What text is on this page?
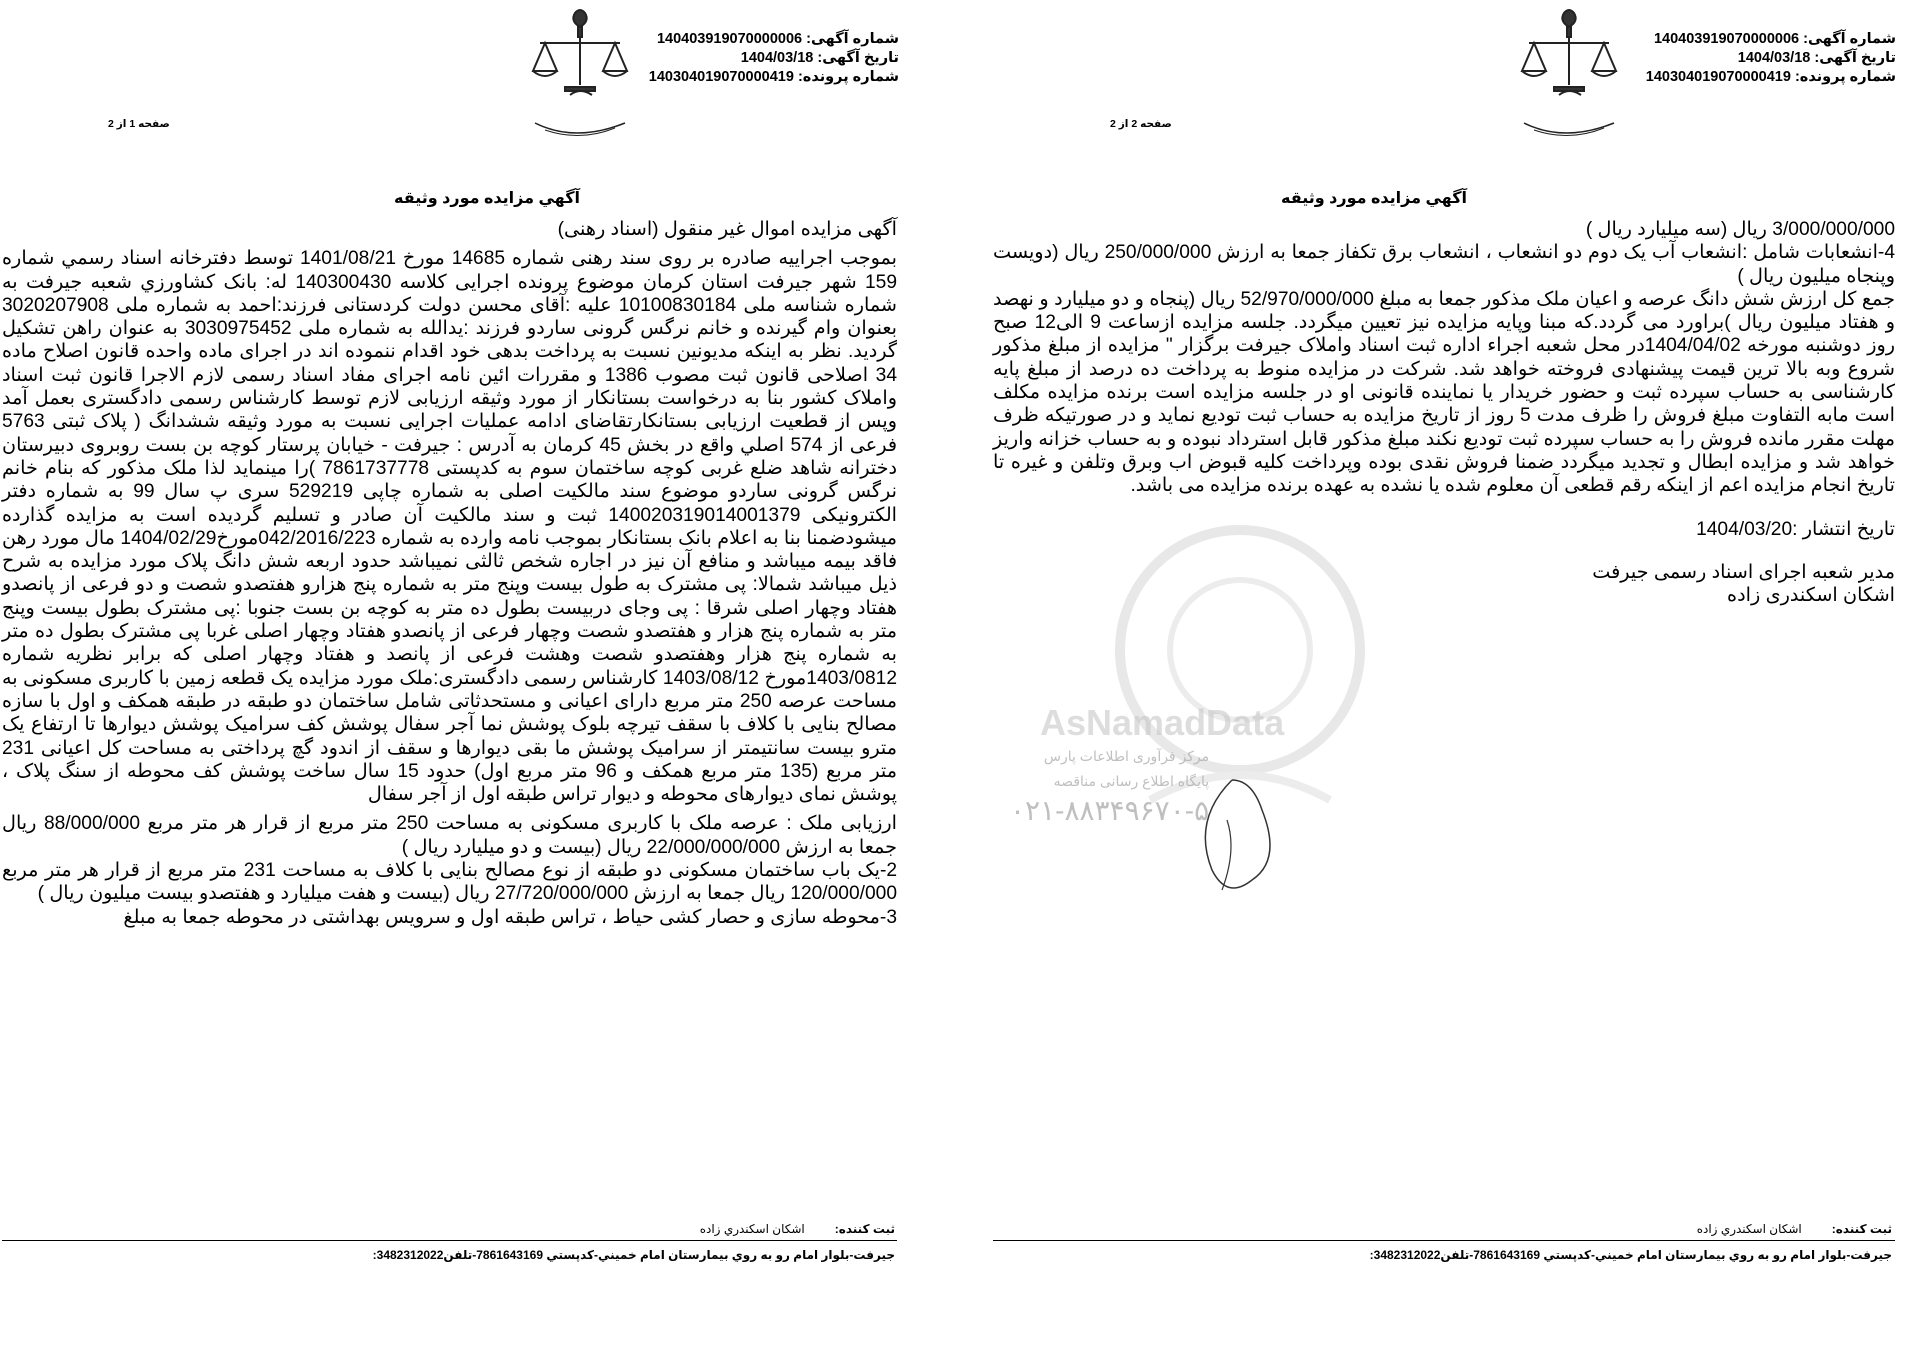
AsNamadData
مرکز فرآوری اطلاعات پارس
پایگاه اطلاع رسانی مناقصه
۰۲۱-۸۸۳۴۹۶۷۰-۵
شماره آگهی: 140403919070000006
تاریخ آگهی: 1404/03/18
شماره پرونده: 140304019070000419
صفحه 1 از 2
آگهي مزايده مورد وثيقه

آگهی مزایده اموال غیر منقول (اسناد رهنی)

بموجب اجراییه صادره بر روی سند رهنی شماره 14685 مورخ 1401/08/21 توسط دفترخانه اسناد رسمي شماره 159 شهر جيرفت استان كرمان موضوع پرونده اجرایی کلاسه 140300430 له: بانک کشاورزي شعبه جيرفت به شماره شناسه ملی 10100830184 علیه :آقای محسن دولت کردستانی فرزند:احمد به شماره ملی 3020207908 بعنوان وام گیرنده و خانم نرگس گرونی ساردو فرزند :يدالله به شماره ملی 3030975452 به عنوان راهن تشکیل گردید. نظر به اینکه مدیونین نسبت به پرداخت بدهی خود اقدام ننموده اند در اجرای ماده واحده قانون اصلاح ماده 34 اصلاحی قانون ثبت مصوب 1386 و مقررات ائین نامه اجرای مفاد اسناد رسمی لازم الاجرا قانون ثبت اسناد واملاک کشور بنا به درخواست بستانکار از مورد وثیقه ارزیابی لازم توسط کارشناس رسمی دادگستری بعمل آمد وپس از قطعیت ارزیابی بستانکارتقاضای ادامه عملیات اجرایی نسبت به مورد وثیقه ششدانگ ( پلاک ثبتی 5763 فرعی از 574 اصلي واقع در بخش 45 کرمان به آدرس : جیرفت - خیابان پرستار کوچه بن بست روبروی دبیرستان دخترانه شاهد ضلع غربی کوچه ساختمان سوم به کدپستی 7861737778 )را مینماید لذا ملک مذکور که بنام خانم نرگس گرونی ساردو موضوع سند مالکیت اصلی به شماره چاپی 529219 سری پ سال 99 به شماره دفتر الکترونیکی 140020319014001379 ثبت و سند مالکیت آن صادر و تسلیم گردیده است به مزایده گذارده میشودضمنا بنا به اعلام بانک بستانکار بموجب نامه وارده به شماره 042/2016/223مورخ1404/02/29 مال مورد رهن فاقد بیمه میباشد و منافع آن نیز در اجاره شخص ثالثی نمیباشد حدود اربعه شش دانگ پلاک مورد مزایده به شرح ذیل میباشد شمالا: پی مشترک به طول بیست وپنج متر به شماره پنج هزارو هفتصدو شصت و دو فرعی از پانصدو هفتاد وچهار اصلی شرقا : پی وجای دربیست بطول ده متر به کوچه بن بست جنوبا :پی مشترک بطول بیست وپنج متر به شماره پنج هزار و هفتصدو شصت وچهار فرعی از پانصدو هفتاد وچهار اصلی غربا پی مشترک بطول ده متر به شماره پنج هزار وهفتصدو شصت وهشت فرعی از پانصد و هفتاد وچهار اصلی که برابر نظریه شماره 1403/0812مورخ 1403/08/12 کارشناس رسمی دادگستری:ملک مورد مزایده یک قطعه زمین با کاربری مسکونی به مساحت عرصه 250 متر مربع دارای اعیانی و مستحدثاتی شامل ساختمان دو طبقه در طبقه همکف و اول با سازه مصالح بنایی با کلاف با سقف تیرچه بلوک پوشش نما آجر سفال پوشش کف سرامیک پوشش دیوارها تا ارتفاع یک مترو بیست سانتیمتر از سرامیک پوشش ما بقی دیوارها و سقف از اندود گچ پرداختی به مساحت کل اعیانی 231 متر مربع (135 متر مربع همکف و 96 متر مربع اول) حدود 15 سال ساخت پوشش کف محوطه از سنگ پلاک ، پوشش نمای دیوارهای محوطه و دیوار تراس طبقه اول از آجر سفال

ارزیابی ملک : عرصه ملک با کاربری مسکونی به مساحت 250 متر مربع از قرار هر متر مربع 88/000/000 ریال جمعا به ارزش 22/000/000/000 ریال (بیست و دو میلیارد ریال )

2-یک باب ساختمان مسکونی دو طبقه از نوع مصالح بنایی با کلاف به مساحت 231 متر مربع از قرار هر متر مربع 120/000/000 ریال جمعا به ارزش 27/720/000/000 ریال (بیست و هفت میلیارد و هفتصدو بیست میلیون ریال )

3-محوطه سازی و حصار کشی حیاط ، تراس طبقه اول و سرویس بهداشتی در محوطه جمعا به مبلغ

ثبت كننده:اشكان اسكندري زاده
جيرفت-بلوار امام رو به روي بيمارستان امام خميني-كدپستي 7861643169-تلفن3482312022:
شماره آگهی: 140403919070000006
تاریخ آگهی: 1404/03/18
شماره پرونده: 140304019070000419
صفحه 2 از 2
آگهي مزايده مورد وثيقه

3/000/000/000 ریال (سه میلیارد ریال )

4-انشعابات شامل :انشعاب آب یک دوم دو انشعاب ، انشعاب برق تکفاز جمعا به ارزش 250/000/000 ریال (دویست وپنجاه میلیون ریال )

جمع کل ارزش شش دانگ عرصه و اعیان ملک مذکور جمعا به مبلغ 52/970/000/000 ریال (پنجاه و دو میلیارد و نهصد و هفتاد میلیون ریال )براورد می گردد.که مبنا وپایه مزایده نیز تعیین میگردد. جلسه مزایده ازساعت 9 الی12 صبح روز دوشنبه مورخه 1404/04/02در محل شعبه اجراء اداره ثبت اسناد واملاک جیرفت برگزار " مزایده از مبلغ مذکور شروع وبه بالا ترین قیمت پیشنهادی فروخته خواهد شد. شرکت در مزایده منوط به پرداخت ده درصد از مبلغ پایه کارشناسی به حساب سپرده ثبت و حضور خریدار یا نماینده قانونی او در جلسه مزایده است برنده مزایده مکلف است مابه التفاوت مبلغ فروش را ظرف مدت 5 روز از تاریخ مزایده به حساب ثبت تودیع نماید و در صورتیکه ظرف مهلت مقرر مانده فروش را به حساب سپرده ثبت تودیع نکند مبلغ مذکور قابل استرداد نبوده و به حساب خزانه واریز خواهد شد و مزایده ابطال و تجدید میگردد ضمنا فروش نقدی بوده وپرداخت کلیه قبوض اب وبرق وتلفن و غیره تا تاریخ انجام مزایده اعم از اینکه رقم قطعی آن معلوم شده یا نشده به عهده برنده مزایده می باشد.

تاریخ انتشار :1404/03/20

مدیر شعبه اجرای اسناد رسمی جیرفت

اشکان اسکندری زاده

ثبت كننده:اشكان اسكندري زاده
جيرفت-بلوار امام رو به روي بيمارستان امام خميني-كدپستي 7861643169-تلفن3482312022:
